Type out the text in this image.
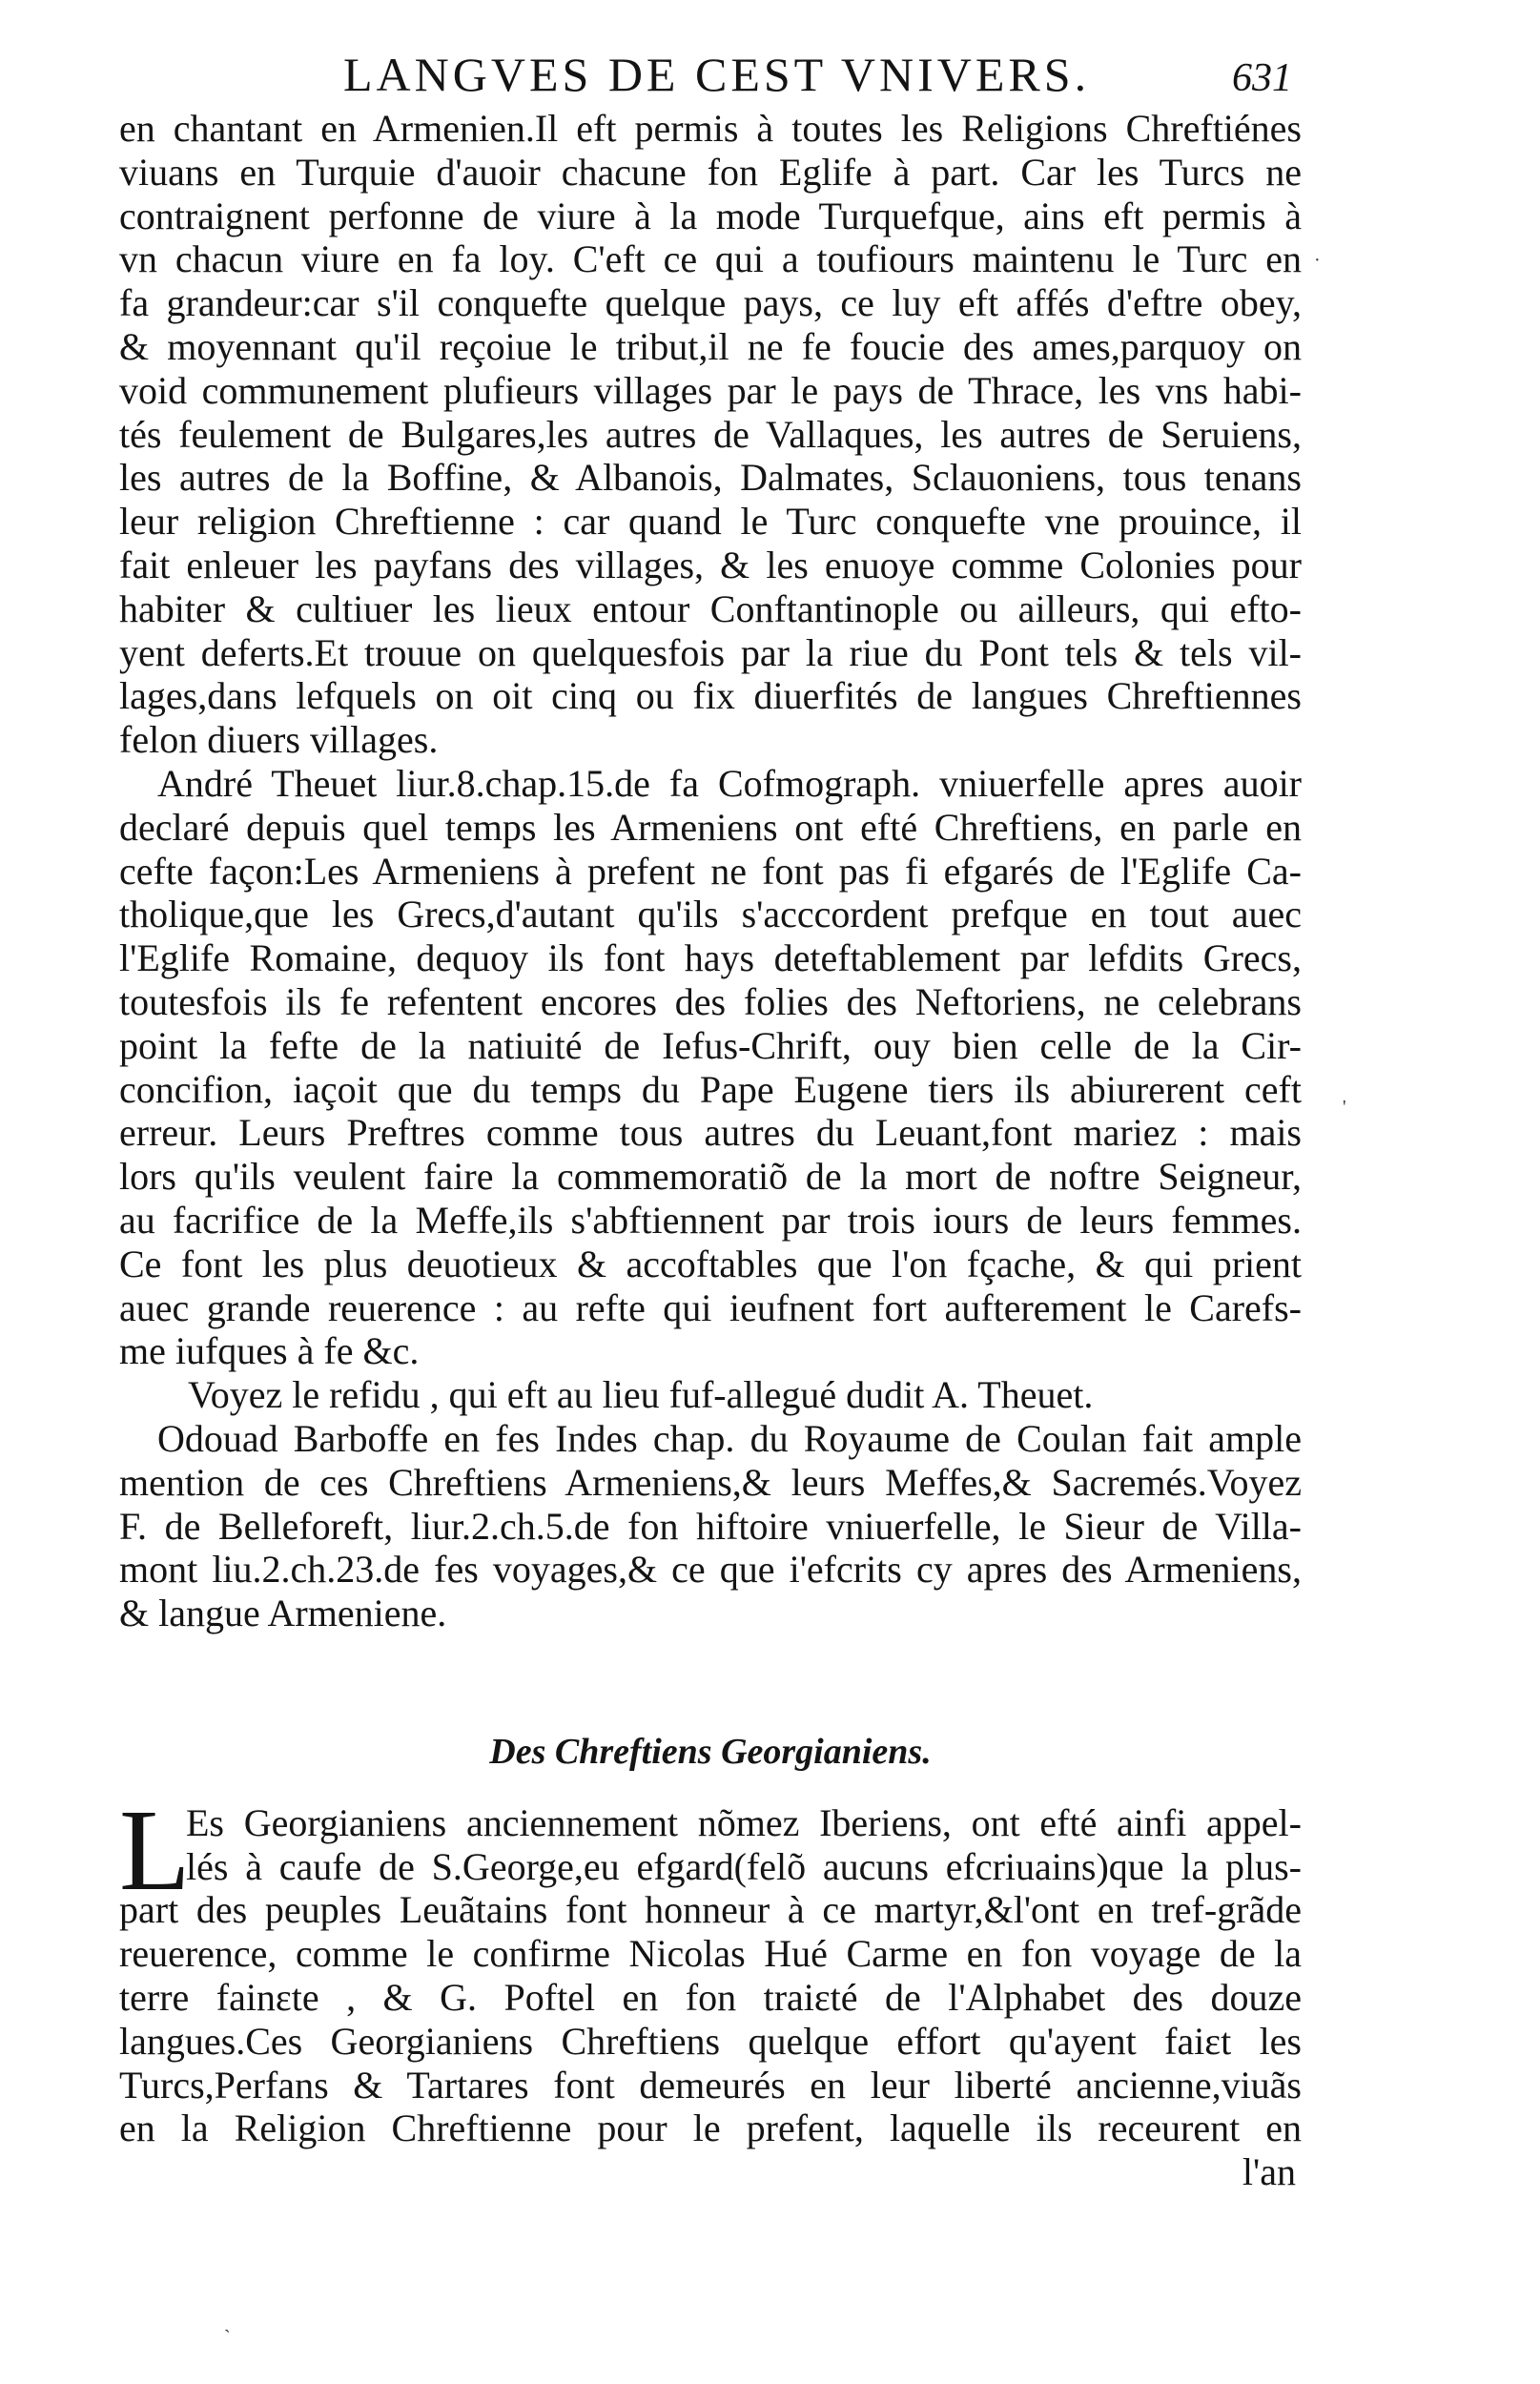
LANGVES DE CEST VNIVERS.	631
en chantant en Armenien.Il eft permis à toutes les Religions Chreftiénes
viuans en Turquie d'auoir chacune fon Eglife à part. Car les Turcs ne
contraignent perfonne de viure à la mode Turquefque, ains eft permis à
vn chacun viure en fa loy. C'eft ce qui a toufiours maintenu le Turc en
fa grandeur:car s'il conquefte quelque pays, ce luy eft affés d'eftre obey,
& moyennant qu'il reçoiue le tribut,il ne fe foucie des ames,parquoy on
void communement plufieurs villages par le pays de Thrace, les vns habi-
tés feulement de Bulgares,les autres de Vallaques, les autres de Seruiens,
les autres de la Boffine, & Albanois, Dalmates, Sclauoniens, tous tenans
leur religion Chreftienne : car quand le Turc conquefte vne prouince, il
fait enleuer les payfans des villages, & les enuoye comme Colonies pour
habiter & cultiuer les lieux entour Conftantinople ou ailleurs, qui efto-
yent deferts.Et trouue on quelquesfois par la riue du Pont tels & tels vil-
lages,dans lefquels on oit cinq ou fix diuerfités de langues Chreftiennes
felon diuers villages.
André Theuet liur.8.chap.15.de fa Cofmograph. vniuerfelle apres auoir
declaré depuis quel temps les Armeniens ont efté Chreftiens, en parle en
cefte façon:Les Armeniens à prefent ne font pas fi efgarés de l'Eglife Ca-
tholique,que les Grecs,d'autant qu'ils s'acccordent prefque en tout auec
l'Eglife Romaine, dequoy ils font hays deteftablement par lefdits Grecs,
toutesfois ils fe refentent encores des folies des Neftoriens, ne celebrans
point la fefte de la natiuité de Iefus-Chrift, ouy bien celle de la Cir-
concifion, iaçoit que du temps du Pape Eugene tiers ils abiurerent ceft
erreur. Leurs Preftres comme tous autres du Leuant,font mariez : mais
lors qu'ils veulent faire la commemoratiõ de la mort de noftre Seigneur,
au facrifice de la Meffe,ils s'abftiennent par trois iours de leurs femmes.
Ce font les plus deuotieux & accoftables que l'on fçache, & qui prient
auec grande reuerence : au refte qui ieufnent fort aufterement le Carefs-
me iufques à fe &c.
Voyez le refidu , qui eft au lieu fuf-allegué dudit A. Theuet.
Odouad Barboffe en fes Indes chap. du Royaume de Coulan fait ample
mention de ces Chreftiens Armeniens,& leurs Meffes,& Sacremés.Voyez
F. de Belleforeft, liur.2.ch.5.de fon hiftoire vniuerfelle, le Sieur de Villa-
mont liu.2.ch.23.de fes voyages,& ce que i'efcrits cy apres des Armeniens,
& langue Armeniene.
Des Chreftiens Georgianiens.
L
Es Georgianiens anciennement nõmez Iberiens, ont efté ainfi appel-
lés à caufe de S.George,eu efgard(felõ aucuns efcriuains)que la plus-
part des peuples Leuãtains font honneur à ce martyr,&l'ont en tref-grãde
reuerence, comme le confirme Nicolas Hué Carme en fon voyage de la
terre fainɛte , & G. Poftel en fon traiɛté de l'Alphabet des douze
langues.Ces Georgianiens Chreftiens quelque effort qu'ayent faiɛt les
Turcs,Perfans & Tartares font demeurés en leur liberté ancienne,viuãs
en la Religion Chreftienne pour le prefent, laquelle ils receurent en
l'an
·
'
`
